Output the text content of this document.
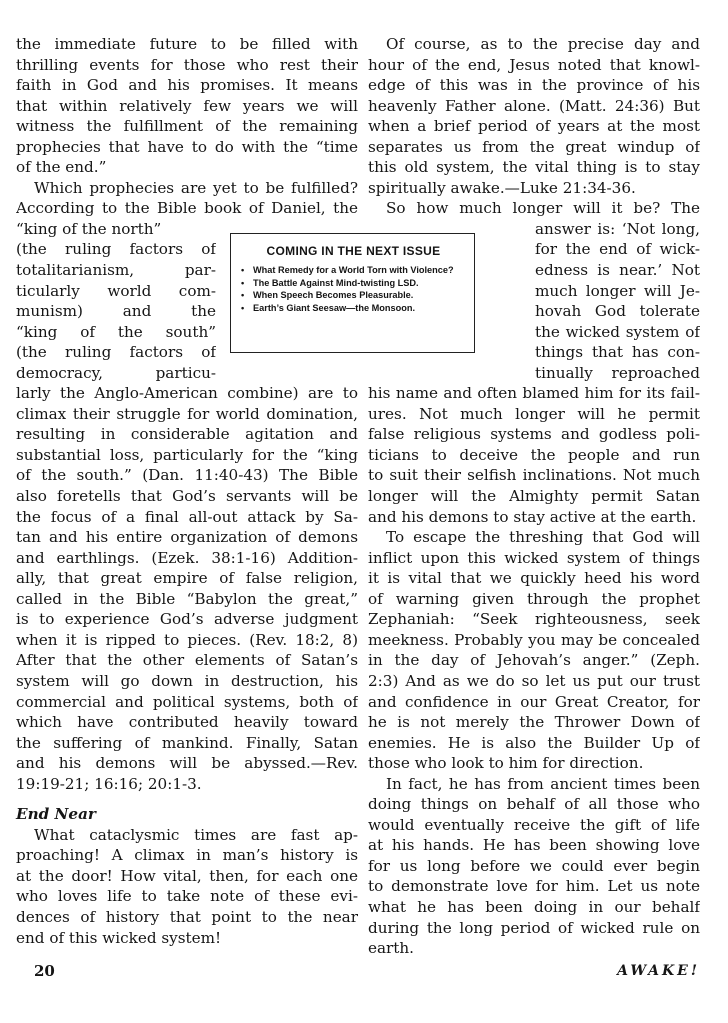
the immediate future to be filled with
thrilling events for those who rest their
faith in God and his promises. It means
that within relatively few years we will
witness the fulfillment of the remaining
prophecies that have to do with the “time
of the end.”
Which prophecies are yet to be fulfilled?
According to the Bible book of Daniel, the
“king of the north”
(the ruling factors of
totalitarianism, par-
ticularly world com-
munism) and the
“king of the south”
(the ruling factors of
democracy, particu-
larly the Anglo-American combine) are to
climax their struggle for world domination,
resulting in considerable agitation and
substantial loss, particularly for the “king
of the south.” (Dan. 11:40-43) The Bible
also foretells that God’s servants will be
the focus of a final all-out attack by Sa-
tan and his entire organization of demons
and earthlings. (Ezek. 38:1-16) Addition-
ally, that great empire of false religion,
called in the Bible “Babylon the great,”
is to experience God’s adverse judgment
when it is ripped to pieces. (Rev. 18:2, 8)
After that the other elements of Satan’s
system will go down in destruction, his
commercial and political systems, both of
which have contributed heavily toward
the suffering of mankind. Finally, Satan
and his demons will be abyssed.—Rev.
19:19-21; 16:16; 20:1-3.
End Near
What cataclysmic times are fast ap-
proaching! A climax in man’s history is
at the door! How vital, then, for each one
who loves life to take note of these evi-
dences of history that point to the near
end of this wicked system!
Of course, as to the precise day and
hour of the end, Jesus noted that knowl-
edge of this was in the province of his
heavenly Father alone. (Matt. 24:36) But
when a brief period of years at the most
separates us from the great windup of
this old system, the vital thing is to stay
spiritually awake.—Luke 21:34-36.
So how much longer will it be? The
answer is: ‘Not long,
for the end of wick-
edness is near.’ Not
much longer will Je-
hovah God tolerate
the wicked system of
things that has con-
tinually reproached
his name and often blamed him for its fail-
ures. Not much longer will he permit
false religious systems and godless poli-
ticians to deceive the people and run
to suit their selfish inclinations. Not much
longer will the Almighty permit Satan
and his demons to stay active at the earth.
To escape the threshing that God will
inflict upon this wicked system of things
it is vital that we quickly heed his word
of warning given through the prophet
Zephaniah: “Seek righteousness, seek
meekness. Probably you may be concealed
in the day of Jehovah’s anger.” (Zeph.
2:3) And as we do so let us put our trust
and confidence in our Great Creator, for
he is not merely the Thrower Down of
enemies. He is also the Builder Up of
those who look to him for direction.
In fact, he has from ancient times been
doing things on behalf of all those who
would eventually receive the gift of life
at his hands. He has been showing love
for us long before we could ever begin
to demonstrate love for him. Let us note
what he has been doing in our behalf
during the long period of wicked rule on
earth.
COMING IN THE NEXT ISSUE
• What Remedy for a World Torn with Violence?
• The Battle Against Mind-twisting LSD.
• When Speech Becomes Pleasurable.
• Earth’s Giant Seesaw—the Monsoon.
20	AWAKE!
